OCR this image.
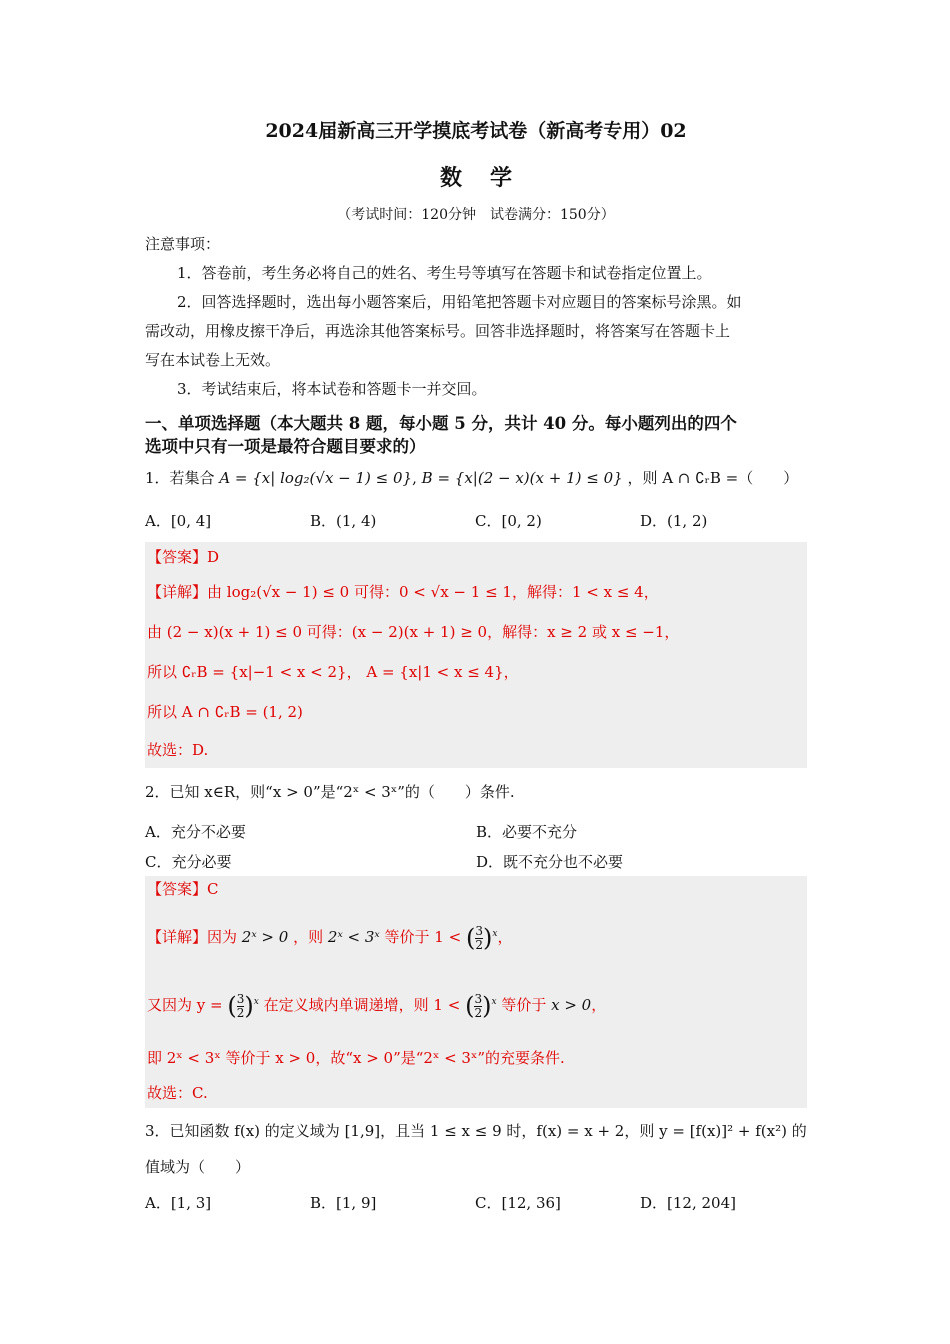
2024届新高三开学摸底考试卷（新高考专用）02
数学
（考试时间：120分钟　试卷满分：150分）
注意事项：
1．答卷前，考生务必将自己的姓名、考生号等填写在答题卡和试卷指定位置上。
2．回答选择题时，选出每小题答案后，用铅笔把答题卡对应题目的答案标号涂黑。如
需改动，用橡皮擦干净后，再选涂其他答案标号。回答非选择题时，将答案写在答题卡上
写在本试卷上无效。
3．考试结束后，将本试卷和答题卡一并交回。
一、单项选择题（本大题共 8 题，每小题 5 分，共计 40 分。每小题列出的四个
选项中只有一项是最符合题目要求的）
1．若集合 A = {x| log₂(√x − 1) ≤ 0}, B = {x|(2 − x)(x + 1) ≤ 0} ，则 A ∩ ∁ᵣB =（　　）
A．[0, 4]	B．(1, 4)	C．[0, 2)	D．(1, 2)
【答案】D
【详解】由 log₂(√x − 1) ≤ 0 可得：0 < √x − 1 ≤ 1，解得：1 < x ≤ 4，
由 (2 − x)(x + 1) ≤ 0 可得：(x − 2)(x + 1) ≥ 0，解得：x ≥ 2 或 x ≤ −1，
所以 ∁ᵣB = {x|−1 < x < 2}， A = {x|1 < x ≤ 4}，
所以 A ∩ ∁ᵣB = (1, 2)
故选：D.
2．已知 x∈R，则“x > 0”是“2ˣ < 3ˣ”的（　　）条件.
A．充分不必要	B．必要不充分
C．充分必要	D．既不充分也不必要
【答案】C
【详解】因为 2ˣ > 0 ，则 2ˣ < 3ˣ 等价于 1 < ( $\frac{3}{2} )^x$，
又因为 y = ( $\frac{3}{2} )^x$ 在定义域内单调递增，则 1 < ( $\frac{3}{2} )^x$ 等价于 x > 0，
即 2ˣ < 3ˣ 等价于 x > 0，故“x > 0”是“2ˣ < 3ˣ”的充要条件.
故选：C.
3．已知函数 f(x) 的定义域为 [1,9]，且当 1 ≤ x ≤ 9 时，f(x) = x + 2，则 y = [f(x)]² + f(x²) 的
值域为（　　）
A．[1, 3]	B．[1, 9]	C．[12, 36]	D．[12, 204]
